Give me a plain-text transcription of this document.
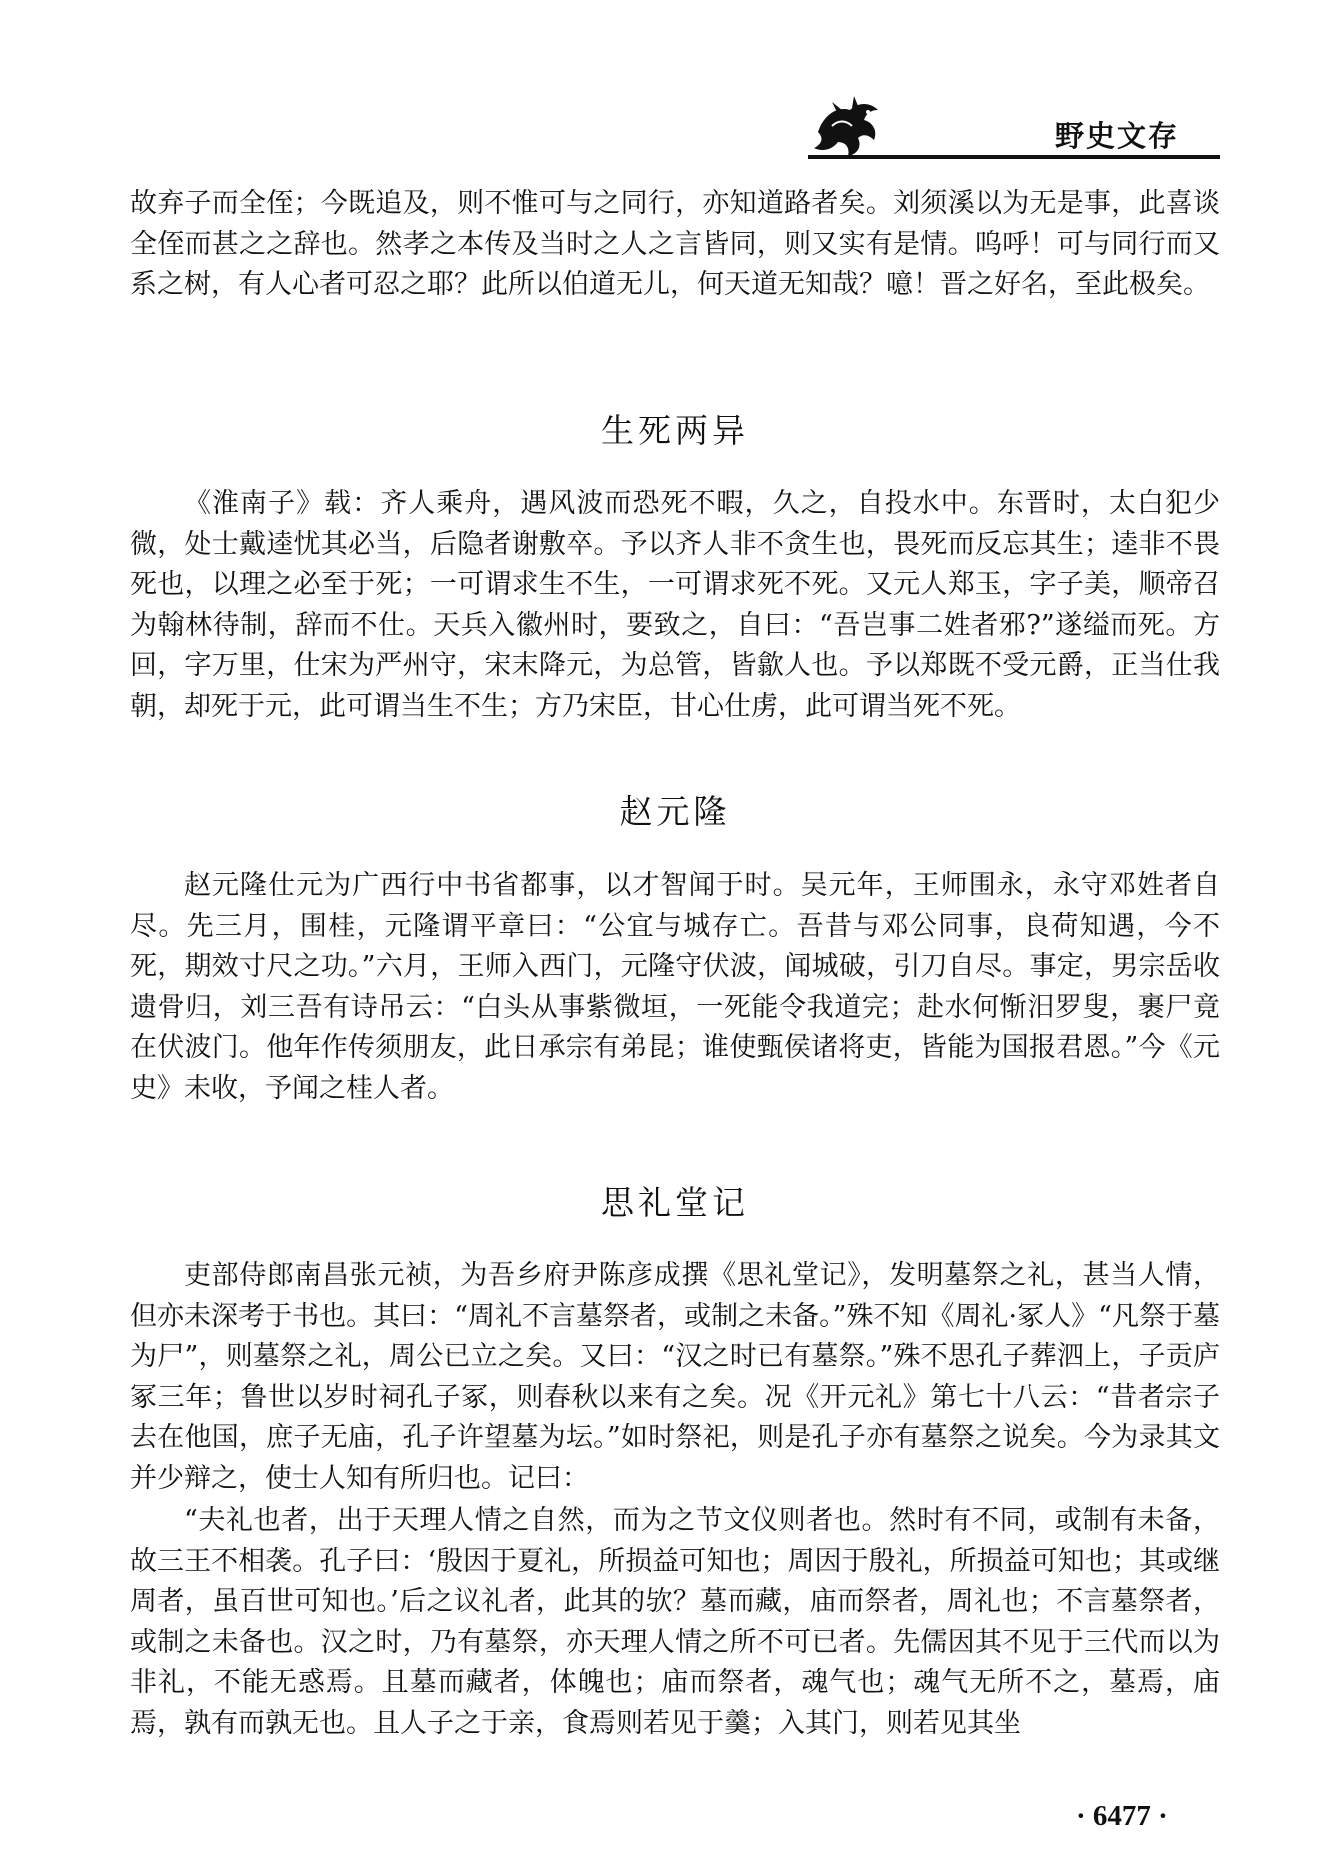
野史文存

故弃子而全侄；今既追及，则不惟可与之同行，亦知道路者矣。刘须溪以为无是事，此喜谈全侄而甚之之辞也。然孝之本传及当时之人之言皆同，则又实有是情。呜呼！可与同行而又系之树，有人心者可忍之耶？此所以伯道无儿，何天道无知哉？噫！晋之好名，至此极矣。

生死两异

《淮南子》载：齐人乘舟，遇风波而恐死不暇，久之，自投水中。东晋时，太白犯少微，处士戴逵忧其必当，后隐者谢敷卒。予以齐人非不贪生也，畏死而反忘其生；逵非不畏死也，以理之必至于死；一可谓求生不生，一可谓求死不死。又元人郑玉，字子美，顺帝召为翰林待制，辞而不仕。天兵入徽州时，要致之，自曰：“吾岂事二姓者邪?”遂缢而死。方回，字万里，仕宋为严州守，宋末降元，为总管，皆歙人也。予以郑既不受元爵，正当仕我朝，却死于元，此可谓当生不生；方乃宋臣，甘心仕虏，此可谓当死不死。

赵元隆

赵元隆仕元为广西行中书省都事，以才智闻于时。吴元年，王师围永，永守邓姓者自尽。先三月，围桂，元隆谓平章曰：“公宜与城存亡。吾昔与邓公同事，良荷知遇，今不死，期效寸尺之功。”六月，王师入西门，元隆守伏波，闻城破，引刀自尽。事定，男宗岳收遗骨归，刘三吾有诗吊云：“白头从事紫微垣，一死能令我道完；赴水何惭汨罗叟，裹尸竟在伏波门。他年作传须朋友，此日承宗有弟昆；谁使甄侯诸将吏，皆能为国报君恩。”今《元史》未收，予闻之桂人者。

思礼堂记

吏部侍郎南昌张元祯，为吾乡府尹陈彦成撰《思礼堂记》，发明墓祭之礼，甚当人情，但亦未深考于书也。其曰：“周礼不言墓祭者，或制之未备。”殊不知《周礼·冢人》“凡祭于墓为尸”，则墓祭之礼，周公已立之矣。又曰：“汉之时已有墓祭。”殊不思孔子葬泗上，子贡庐冢三年；鲁世以岁时祠孔子冢，则春秋以来有之矣。况《开元礼》第七十八云：“昔者宗子去在他国，庶子无庙，孔子许望墓为坛。”如时祭祀，则是孔子亦有墓祭之说矣。今为录其文并少辩之，使士人知有所归也。记曰：

“夫礼也者，出于天理人情之自然，而为之节文仪则者也。然时有不同，或制有未备，故三王不相袭。孔子曰：‘殷因于夏礼，所损益可知也；周因于殷礼，所损益可知也；其或继周者，虽百世可知也。’后之议礼者，此其的欤？墓而藏，庙而祭者，周礼也；不言墓祭者，或制之未备也。汉之时，乃有墓祭，亦天理人情之所不可已者。先儒因其不见于三代而以为非礼，不能无惑焉。且墓而藏者，体魄也；庙而祭者，魂气也；魂气无所不之，墓焉，庙焉，孰有而孰无也。且人子之于亲，食焉则若见于羹；入其门，则若见其坐

· 6477 ·
